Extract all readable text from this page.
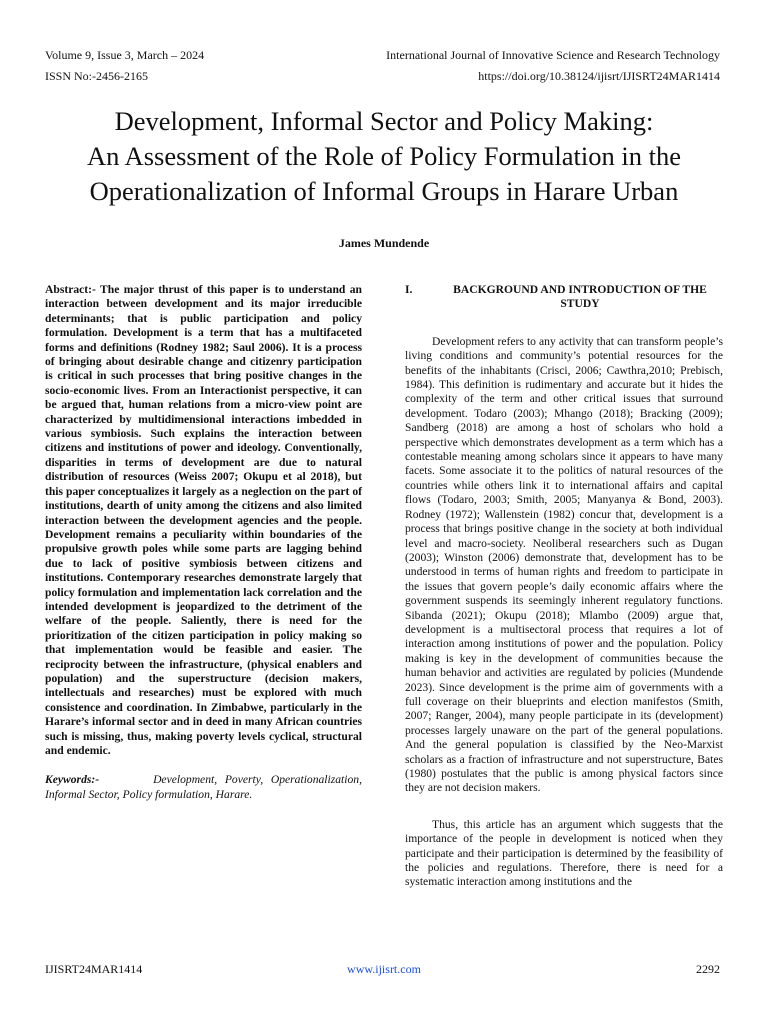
Volume 9, Issue 3, March – 2024
ISSN No:-2456-2165
International Journal of Innovative Science and Research Technology
https://doi.org/10.38124/ijisrt/IJISRT24MAR1414
Development, Informal Sector and Policy Making:
An Assessment of the Role of Policy Formulation in the
Operationalization of Informal Groups in Harare Urban
James Mundende

Abstract:- The major thrust of this paper is to understand an interaction between development and its major irreducible determinants; that is public participation and policy formulation. Development is a term that has a multifaceted forms and definitions (Rodney 1982; Saul 2006). It is a process of bringing about desirable change and citizenry participation is critical in such processes that bring positive changes in the socio-economic lives. From an Interactionist perspective, it can be argued that, human relations from a micro-view point are characterized by multidimensional interactions imbedded in various symbiosis. Such explains the interaction between citizens and institutions of power and ideology. Conventionally, disparities in terms of development are due to natural distribution of resources (Weiss 2007; Okupu et al 2018), but this paper conceptualizes it largely as a neglection on the part of institutions, dearth of unity among the citizens and also limited interaction between the development agencies and the people. Development remains a peculiarity within boundaries of the propulsive growth poles while some parts are lagging behind due to lack of positive symbiosis between citizens and institutions. Contemporary researches demonstrate largely that policy formulation and implementation lack correlation and the intended development is jeopardized to the detriment of the welfare of the people. Saliently, there is need for the prioritization of the citizen participation in policy making so that implementation would be feasible and easier. The reciprocity between the infrastructure, (physical enablers and population) and the superstructure (decision makers, intellectuals and researches) must be explored with much consistence and coordination. In Zimbabwe, particularly in the Harare’s informal sector and in deed in many African countries such is missing, thus, making poverty levels cyclical, structural and endemic.

Keywords:-	Development, Poverty, Operationalization, Informal Sector, Policy formulation, Harare.

I.	BACKGROUND AND INTRODUCTION OF THE STUDY

Development refers to any activity that can transform people’s living conditions and community’s potential resources for the benefits of the inhabitants (Crisci, 2006; Cawthra,2010; Prebisch, 1984). This definition is rudimentary and accurate but it hides the complexity of the term and other critical issues that surround development. Todaro (2003); Mhango (2018); Bracking (2009); Sandberg (2018) are among a host of scholars who hold a perspective which demonstrates development as a term which has a contestable meaning among scholars since it appears to have many facets. Some associate it to the politics of natural resources of the countries while others link it to international affairs and capital flows (Todaro, 2003; Smith, 2005; Manyanya & Bond, 2003). Rodney (1972); Wallenstein (1982) concur that, development is a process that brings positive change in the society at both individual level and macro-society. Neoliberal researchers such as Dugan (2003); Winston (2006) demonstrate that, development has to be understood in terms of human rights and freedom to participate in the issues that govern people’s daily economic affairs where the government suspends its seemingly inherent regulatory functions. Sibanda (2021); Okupu (2018); Mlambo (2009) argue that, development is a multisectoral process that requires a lot of interaction among institutions of power and the population. Policy making is key in the development of communities because the human behavior and activities are regulated by policies (Mundende 2023). Since development is the prime aim of governments with a full coverage on their blueprints and election manifestos (Smith, 2007; Ranger, 2004), many people participate in its (development) processes largely unaware on the part of the general populations. And the general population is classified by the Neo-Marxist scholars as a fraction of infrastructure and not superstructure, Bates (1980) postulates that the public is among physical factors since they are not decision makers.

Thus, this article has an argument which suggests that the importance of the people in development is noticed when they participate and their participation is determined by the feasibility of the policies and regulations. Therefore, there is need for a systematic interaction among institutions and the

IJISRT24MAR1414	www.ijisrt.com	2292
